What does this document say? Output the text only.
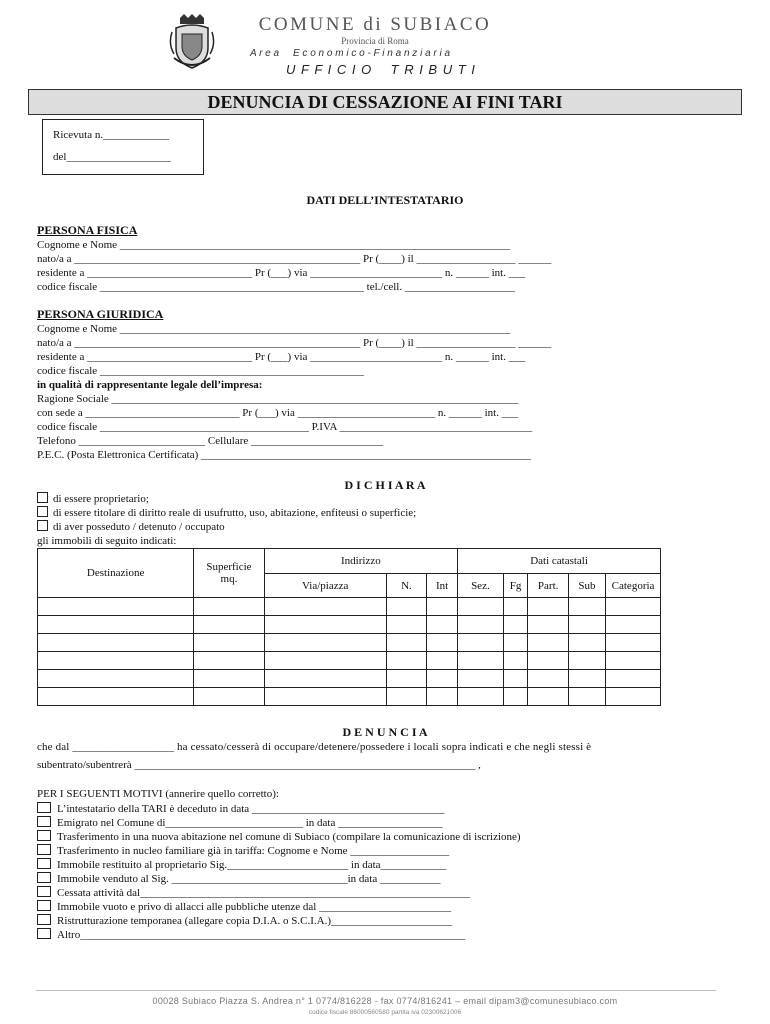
COMUNE di SUBIACO
Provincia di Roma
A r e a     E c o n o m i c o - F i n a n z i a r i a
U F F I C I O    T R I B U T I
DENUNCIA DI CESSAZIONE AI FINI TARI
Ricevuta n.____________
del___________________
DATI DELL’INTESTATARIO
PERSONA FISICA
Cognome e Nome _______________________________________________________________________
nato/a a ____________________________________________________ Pr (____) il __________________ ______
residente a ______________________________ Pr (___) via ________________________ n. ______ int. ___
codice fiscale ________________________________________________ tel./cell. ____________________
PERSONA GIURIDICA
Cognome e Nome _______________________________________________________________________
nato/a a ____________________________________________________ Pr (____) il __________________ ______
residente a ______________________________ Pr (___) via ________________________ n. ______ int. ___
codice fiscale ________________________________________________
in qualità di rappresentante legale dell’impresa:
Ragione Sociale __________________________________________________________________________
con sede a ____________________________ Pr (___) via _________________________ n. ______ int. ___
codice fiscale ______________________________________ P.IVA ___________________________________
Telefono _______________________ Cellulare ________________________
P.E.C. (Posta Elettronica Certificata) ____________________________________________________________
D I C H I A R A
di essere proprietario;
di essere titolare di diritto reale di usufrutto, uso, abitazione, enfiteusi o superficie;
di aver posseduto / detenuto / occupato
gli immobili di seguito indicati:
Destinazione	Superficie mq.	Indirizzo			Dati catastali				
		Via/piazza	N.	Int	Sez.	Fg	Part.	Sub	Categoria

D E N U N C I A
che dal __________________ ha cessato/cesserà di occupare/detenere/possedere i locali sopra indicati e che negli stessi è
subentrato/subentrerà ______________________________________________________________ ,
PER I SEGUENTI MOTIVI (annerire quello corretto):
L’intestatario della TARI è deceduto in data ___________________________________
Emigrato nel Comune di_________________________ in data ___________________
Trasferimento in una nuova abitazione nel comune di Subiaco (compilare la comunicazione di iscrizione)
Trasferimento in nucleo familiare già in tariffa: Cognome e Nome __________________
Immobile restituito al proprietario Sig.______________________ in data____________
Immobile venduto al Sig. ________________________________in data ___________
Cessata attività dal____________________________________________________________
Immobile vuoto e privo di allacci alle pubbliche utenze dal ________________________
Ristrutturazione temporanea (allegare copia D.I.A. o S.C.I.A.)______________________
Altro______________________________________________________________________
00028 Subiaco Piazza S. Andrea n° 1 0774/816228 - fax 0774/816241 – email dipam3@comunesubiaco.com
codice fiscale 86000560580 partita iva 02300621006
